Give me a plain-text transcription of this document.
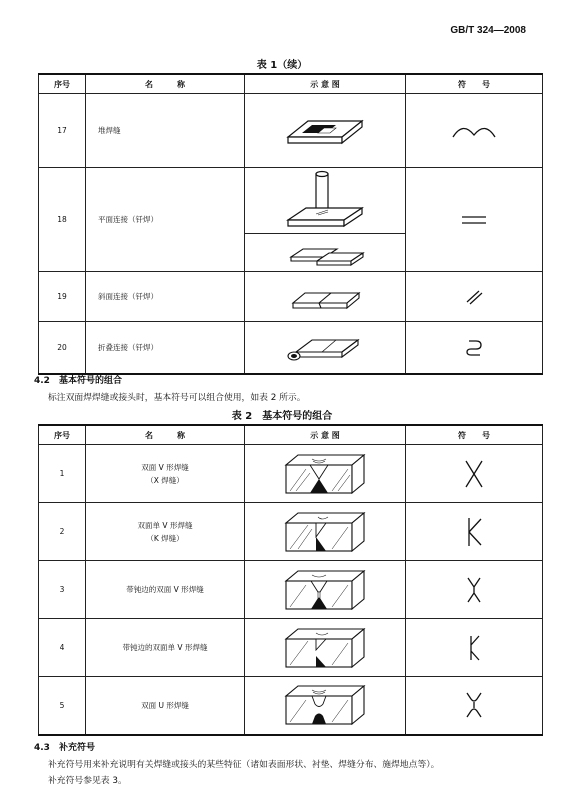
GB/T 324—2008
表 1（续）
序号	名　　　称	示 意 图	符　　号
17	堆焊缝	

18	平面连接（钎焊）	

19	斜面连接（钎焊）	

20	折叠连接（钎焊）	

4.2　基本符号的组合
标注双面焊焊缝或接头时，基本符号可以组合使用，如表 2 所示。
表 2　基本符号的组合
序号	名　　　称	示 意 图	符　　号
1	双面 V 形焊缝
（X 焊缝）

2	双面单 V 形焊缝
（K 焊缝）

3	带钝边的双面 V 形焊缝

4	带钝边的双面单 V 形焊缝

5	双面 U 形焊缝

4.3　补充符号
补充符号用来补充说明有关焊缝或接头的某些特征（诸如表面形状、衬垫、焊缝分布、施焊地点等）。
补充符号参见表 3。
